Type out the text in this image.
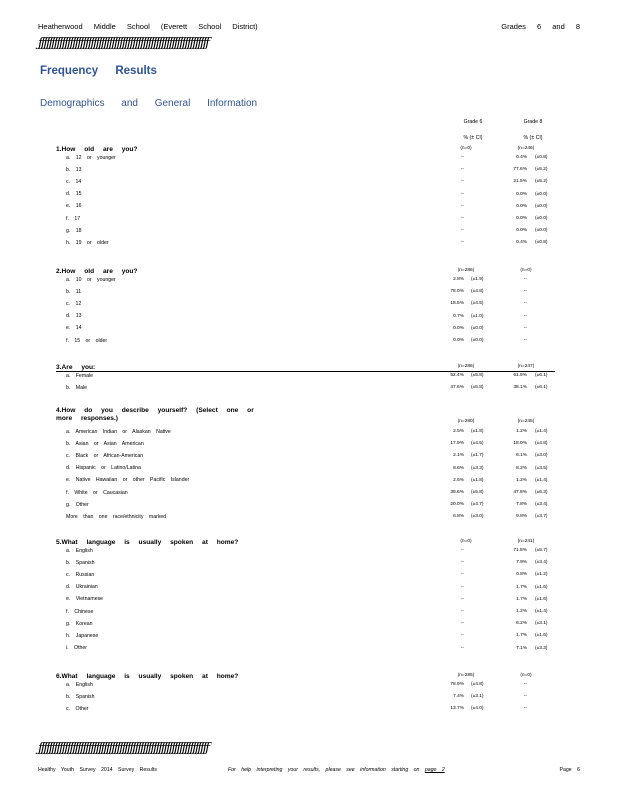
Heatherwood Middle School (Everett School District)	Grades 6 and 8
ƒƒƒƒƒƒƒƒƒƒƒƒƒƒƒƒƒƒƒƒƒƒƒƒƒƒƒƒƒƒƒƒƒƒƒƒƒƒƒƒƒƒƒƒƒƒƒƒƒƒƒƒƒƒƒƒƒƒƒƒƒƒƒƒƒ
Frequency Results
Demographics and General Information
Grade 6	Grade 8
% (± CI)	% (± CI)
1.How old are you?	(n=0)	(n=246)
a. 12 or younger	--	0.4% (±0.8)
b. 13	--	77.6% (±5.2)
c. 14	--	21.5% (±5.2)
d. 15	--	0.0% (±0.0)
e. 16	--	0.0% (±0.0)
f. 17	--	0.0% (±0.0)
g. 18	--	0.0% (±0.0)
h. 19 or older	--	0.4% (±0.8)
2.How old are you?	(n=286)	(n=0)
a. 10 or younger	2.8% (±1.9)	--
b. 11	78.0% (±4.8)	--
c. 12	18.5% (±4.5)	--
d. 13	0.7% (±1.0)	--
e. 14	0.0% (±0.0)	--
f. 15 or older	0.0% (±0.0)	--
3.Are you:	(n=286)	(n=247)
a. Female	52.4% (±5.8)	61.9% (±6.1)
b. Male	47.6% (±5.8)	38.1% (±6.1)
4.How do you describe yourself? (Select one or more responses.)	(n=280)	(n=245)
a. American Indian or Alaskan Native	2.5% (±1.8)	1.2% (±1.4)
b. Asian or Asian American	17.9% (±4.5)	18.0% (±4.8)
c. Black or African-American	2.1% (±1.7)	6.1% (±3.0)
d. Hispanic or Latino/Latina	8.6% (±3.3)	8.2% (±3.5)
e. Native Hawaiian or other Pacific Islander	2.5% (±1.8)	1.2% (±1.4)
f. White or Caucasian	39.6% (±5.8)	47.8% (±6.3)
g. Other	20.0% (±4.7)	7.8% (±3.4)
More than one race/ethnicity marked	6.8% (±3.0)	9.8% (±3.7)
5.What language is usually spoken at home?	(n=0)	(n=241)
a. English	--	71.8% (±5.7)
b. Spanish	--	7.9% (±3.4)
c. Russian	--	0.8% (±1.2)
d. Ukrainian	--	1.7% (±1.6)
e. Vietnamese	--	1.7% (±1.6)
f. Chinese	--	1.2% (±1.4)
g. Korean	--	6.2% (±3.1)
h. Japanese	--	1.7% (±1.6)
i. Other	--	7.1% (±3.3)
6.What language is usually spoken at home?	(n=285)	(n=0)
a. English	78.9% (±4.8)	--
b. Spanish	7.4% (±3.1)	--
c. Other	13.7% (±4.0)	--
ƒƒƒƒƒƒƒƒƒƒƒƒƒƒƒƒƒƒƒƒƒƒƒƒƒƒƒƒƒƒƒƒƒƒƒƒƒƒƒƒƒƒƒƒƒƒƒƒƒƒƒƒƒƒƒƒƒƒƒƒƒƒƒƒƒ
Healthy Youth Survey 2014 Survey Results	For help interpreting your results, please see information starting on page 2	Page 6
